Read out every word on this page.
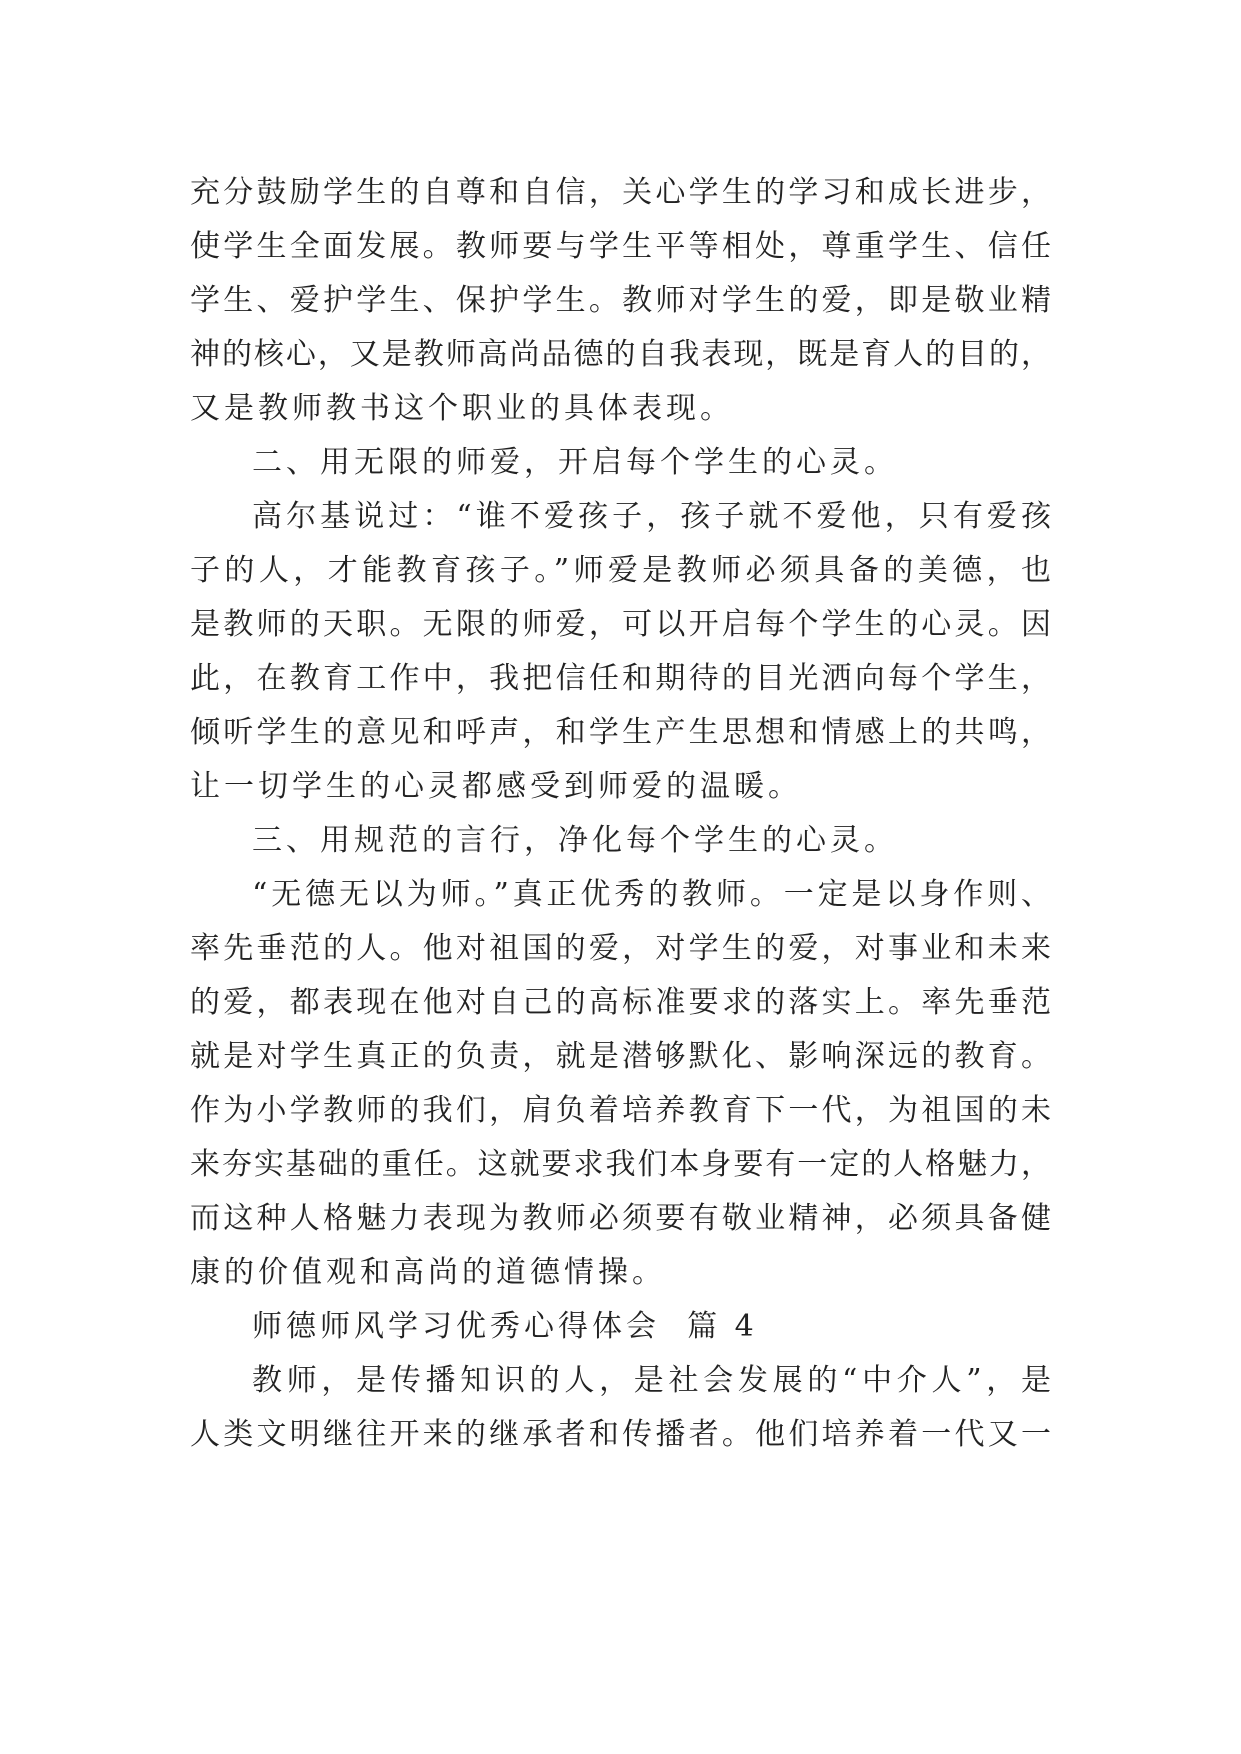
充分鼓励学生的自尊和自信，关心学生的学习和成长进步，
使学生全面发展。教师要与学生平等相处，尊重学生、信任
学生、爱护学生、保护学生。教师对学生的爱，即是敬业精
神的核心，又是教师高尚品德的自我表现，既是育人的目的，
又是教师教书这个职业的具体表现。
二、用无限的师爱，开启每个学生的心灵。
高尔基说过：“谁不爱孩子，孩子就不爱他，只有爱孩
子的人，才能教育孩子。”师爱是教师必须具备的美德，也
是教师的天职。无限的师爱，可以开启每个学生的心灵。因
此，在教育工作中，我把信任和期待的目光洒向每个学生，
倾听学生的意见和呼声，和学生产生思想和情感上的共鸣，
让一切学生的心灵都感受到师爱的温暖。
三、用规范的言行，净化每个学生的心灵。
“无德无以为师。”真正优秀的教师。一定是以身作则、
率先垂范的人。他对祖国的爱，对学生的爱，对事业和未来
的爱，都表现在他对自己的高标准要求的落实上。率先垂范
就是对学生真正的负责，就是潜够默化、影响深远的教育。
作为小学教师的我们，肩负着培养教育下一代，为祖国的未
来夯实基础的重任。这就要求我们本身要有一定的人格魅力，
而这种人格魅力表现为教师必须要有敬业精神，必须具备健
康的价值观和高尚的道德情操。
师德师风学习优秀心得体会  篇 4
教师，是传播知识的人，是社会发展的“中介人”，是
人类文明继往开来的继承者和传播者。他们培养着一代又一
